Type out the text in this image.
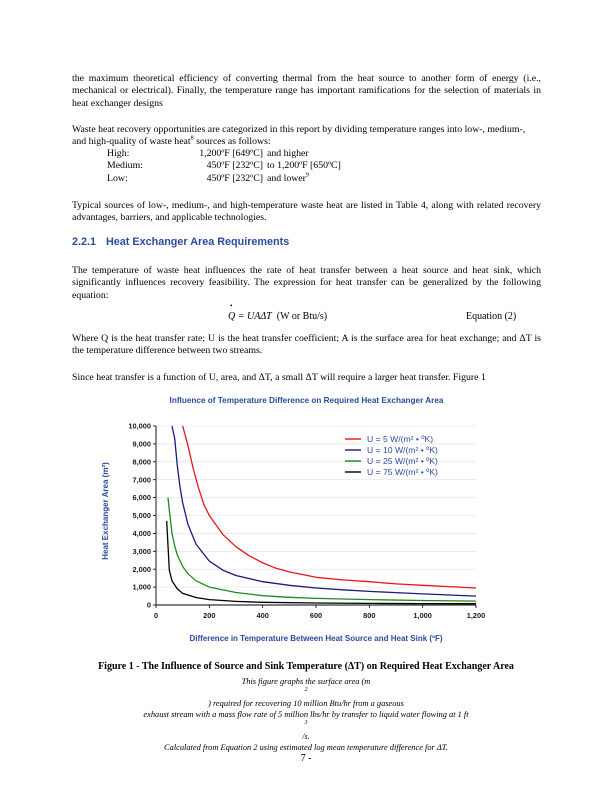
the maximum theoretical efficiency of converting thermal from the heat source to another form of energy (i.e., mechanical or electrical). Finally, the temperature range has important ramifications for the selection of materials in heat exchanger designs

Waste heat recovery opportunities are categorized in this report by dividing temperature ranges into low-, medium-, and high-quality of waste heat$^8$ sources as follows:

High:	1,200ºF [649ºC] and higher
Medium:	450ºF [232ºC] to 1,200ºF [650ºC]
Low:	450ºF [232ºC] and lower$^9$

Typical sources of low-, medium-, and high-temperature waste heat are listed in Table 4, along with related recovery advantages, barriers, and applicable technologies.

2.2.1 Heat Exchanger Area Requirements

The temperature of waste heat influences the rate of heat transfer between a heat source and heat sink, which significantly influences recovery feasibility. The expression for heat transfer can be generalized by the following equation:

• Q = UAΔT (W or Btu/s)	Equation (2)

Where Q is the heat transfer rate; U is the heat transfer coefficient; A is the surface area for heat exchange; and ΔT is the temperature difference between two streams.

Since heat transfer is a function of U, area, and ΔT, a small ΔT will require a larger heat transfer. Figure 1

Influence of Temperature Difference on Required Heat Exchanger Area
0
1,000
2,000
3,000
4,000
5,000
6,000
7,000
8,000
9,000
10,000
0	200	400	600	800	1,000	1,200
U = 5 W/(m² • ºK)
U = 10 W/(m² • ºK)
U = 25 W/(m² • ºK)
U = 75 W/(m² • ºK)
Difference in Temperature Between Heat Source and Heat Sink (ºF)
Heat Exchanger Area (m²)
Figure 1 - The Influence of Source and Sink Temperature (ΔT) on Required Heat Exchanger Area

This figure graphs the surface area (m
$^2$
) required for recovering 10 million Btu/hr from a gaseous
exhaust stream with a mass flow rate of 5 million lbs/hr by transfer to liquid water flowing at 1 ft
$^3$
/s.
Calculated from Equation 2 using estimated log mean temperature difference for ΔT.

7 -
